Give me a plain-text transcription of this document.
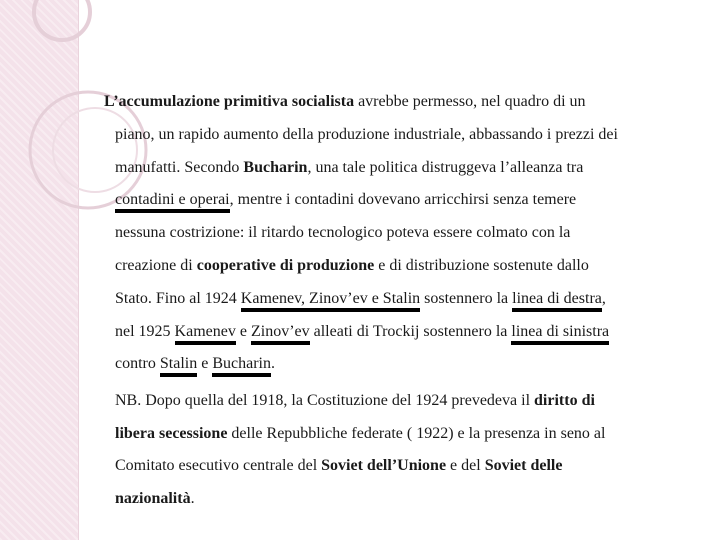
L’accumulazione primitiva socialista avrebbe permesso, nel quadro di un
piano, un rapido aumento della produzione industriale, abbassando i prezzi dei
manufatti. Secondo Bucharin, una tale politica distruggeva l’alleanza tra
contadini e operai, mentre i contadini dovevano arricchirsi senza temere
nessuna costrizione: il ritardo tecnologico poteva essere colmato con la
creazione di cooperative di produzione e di distribuzione sostenute dallo
Stato. Fino al 1924 Kamenev, Zinov’ev e Stalin sostennero la linea di destra,
nel 1925 Kamenev e Zinov’ev alleati di Trockij sostennero la linea di sinistra
contro Stalin e Bucharin.
NB. Dopo quella del 1918, la Costituzione del 1924 prevedeva il diritto di
libera secessione delle Repubbliche federate ( 1922) e la presenza in seno al
Comitato esecutivo centrale del Soviet dell’Unione e del Soviet delle
nazionalità.
